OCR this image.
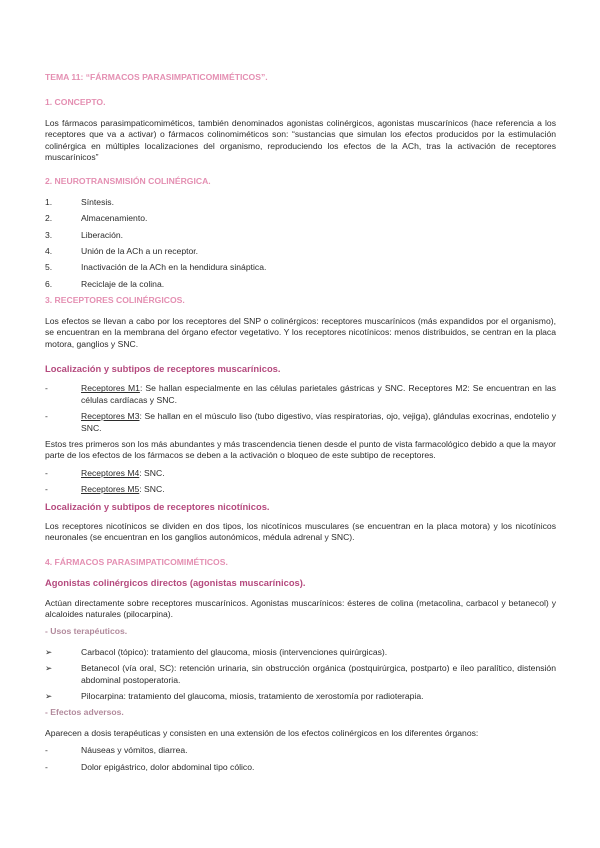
TEMA 11: “FÁRMACOS PARASIMPATICOMIMÉTICOS”.
1. CONCEPTO.

Los fármacos parasimpaticomiméticos, también denominados agonistas colinérgicos, agonistas muscarínicos (hace referencia a los receptores que va a activar) o fármacos colinomiméticos son: “sustancias que simulan los efectos producidos por la estimulación colinérgica en múltiples localizaciones del organismo, reproduciendo los efectos de la ACh, tras la activación de receptores muscarínicos”

2. NEUROTRANSMISIÓN COLINÉRGICA.
1.	Síntesis.
2.	Almacenamiento.
3.	Liberación.
4.	Unión de la ACh a un receptor.
5.	Inactivación de la ACh en la hendidura sináptica.
6.	Reciclaje de la colina.
3. RECEPTORES COLINÉRGICOS.

Los efectos se llevan a cabo por los receptores del SNP o colinérgicos: receptores muscarínicos (más expandidos por el organismo), se encuentran en la membrana del órgano efector vegetativo. Y los receptores nicotínicos: menos distribuidos, se centran en la placa motora, ganglios y SNC.

Localización y subtipos de receptores muscarínicos.
-	Receptores M1: Se hallan especialmente en las células parietales gástricas y SNC. Receptores M2: Se encuentran en las células cardíacas y SNC.
-	Receptores M3: Se hallan en el músculo liso (tubo digestivo, vías respiratorias, ojo, vejiga), glándulas exocrinas, endotelio y SNC.

Estos tres primeros son los más abundantes y más trascendencia tienen desde el punto de vista farmacológico debido a que la mayor parte de los efectos de los fármacos se deben a la activación o bloqueo de este subtipo de receptores.

-	Receptores M4: SNC.
-	Receptores M5: SNC.
Localización y subtipos de receptores nicotínicos.

Los receptores nicotínicos se dividen en dos tipos, los nicotínicos musculares (se encuentran en la placa motora) y los nicotínicos neuronales (se encuentran en los ganglios autonómicos, médula adrenal y SNC).

4. FÁRMACOS PARASIMPATICOMIMÉTICOS.
Agonistas colinérgicos directos (agonistas muscarínicos).

Actúan directamente sobre receptores muscarínicos. Agonistas muscarínicos: ésteres de colina (metacolina, carbacol y betanecol) y alcaloides naturales (pilocarpina).

- Usos terapéuticos.
➢	Carbacol (tópico): tratamiento del glaucoma, miosis (intervenciones quirúrgicas).
➢	Betanecol (vía oral, SC): retención urinaria, sin obstrucción orgánica (postquirúrgica, postparto) e íleo paralítico, distensión abdominal postoperatoria.
➢	Pilocarpina: tratamiento del glaucoma, miosis, tratamiento de xerostomía por radioterapia.
- Efectos adversos.

Aparecen a dosis terapéuticas y consisten en una extensión de los efectos colinérgicos en los diferentes órganos:

-	Náuseas y vómitos, diarrea.
-	Dolor epigástrico, dolor abdominal tipo cólico.
